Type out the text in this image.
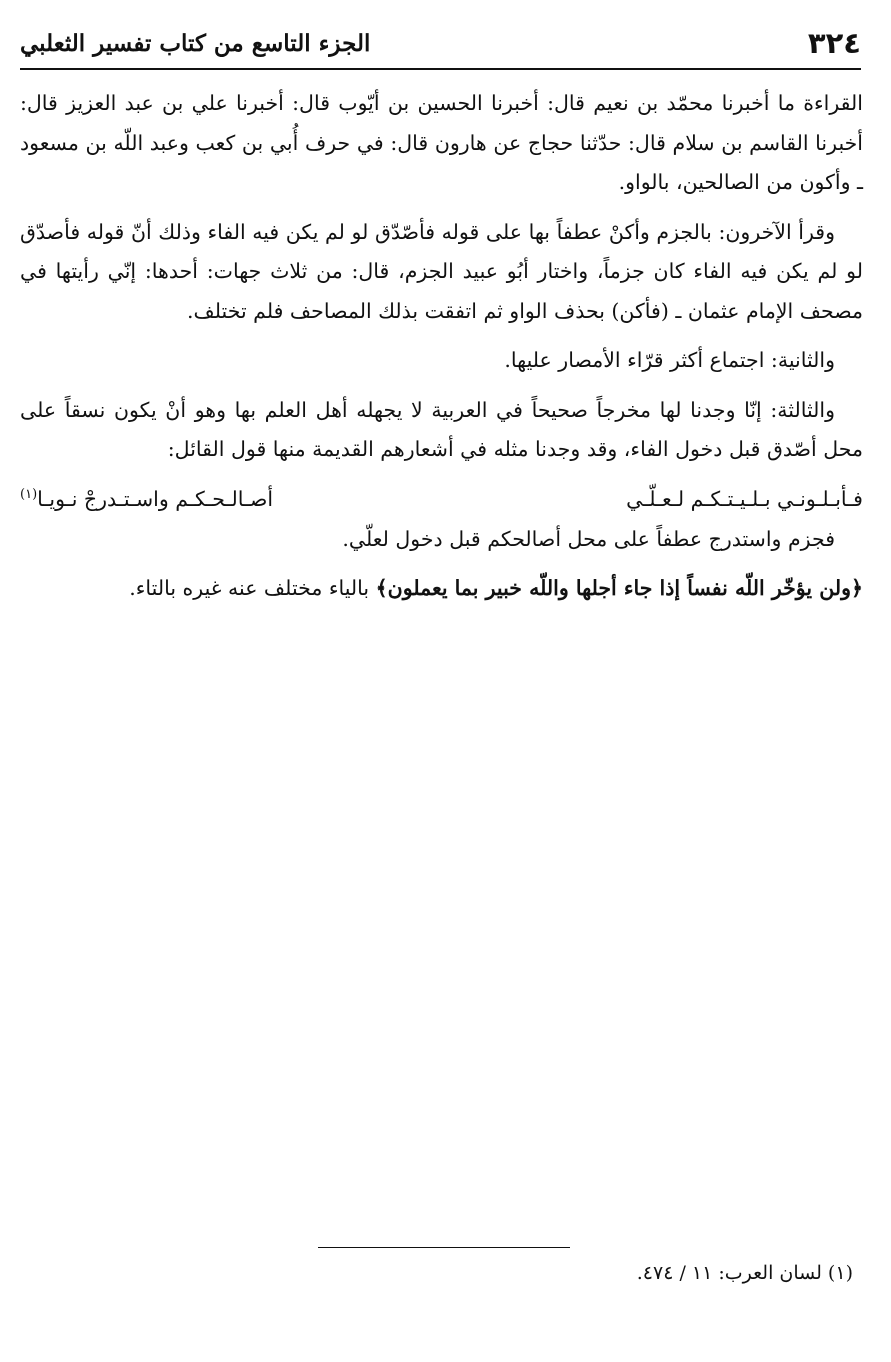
٣٢٤
الجزء التاسع من كتاب تفسير الثعلبي

القراءة ما أخبرنا محمّد بن نعيم قال: أخبرنا الحسين بن أيّوب قال: أخبرنا علي بن عبد العزيز قال: أخبرنا القاسم بن سلام قال: حدّثنا حجاج عن هارون قال: في حرف أُبي بن كعب وعبد اللّه بن مسعود ـ وأكون من الصالحين، بالواو.

وقرأ الآخرون: بالجزم وأكنْ عطفاً بها على قوله فأصّدّق لو لم يكن فيه الفاء وذلك أنّ قوله فأصدّق لو لم يكن فيه الفاء كان جزماً، واختار أبُو عبيد الجزم، قال: من ثلاث جهات: أحدها: إنّي رأيتها في مصحف الإمام عثمان ـ (فأكن) بحذف الواو ثم اتفقت بذلك المصاحف فلم تختلف.

والثانية: اجتماع أكثر قرّاء الأمصار عليها.

والثالثة: إنّا وجدنا لها مخرجاً صحيحاً في العربية لا يجهله أهل العلم بها وهو أنْ يكون نسقاً على محل أصّدق قبل دخول الفاء، وقد وجدنا مثله في أشعارهم القديمة منها قول القائل:

فـأبـلـونـي بـلـيـتـكـم لـعـلّـي
أصـالـحـكـم واسـتـدرجْ نـويـا$^{(١)}$

فجزم واستدرج عطفاً على محل أصالحكم قبل دخول لعلّي.

﴿ولن يؤخّر اللّه نفساً إذا جاء أجلها واللّه خبير بما يعملون﴾ بالياء مختلف عنه غيره بالتاء.

(١) لسان العرب: ١١ / ٤٧٤.
